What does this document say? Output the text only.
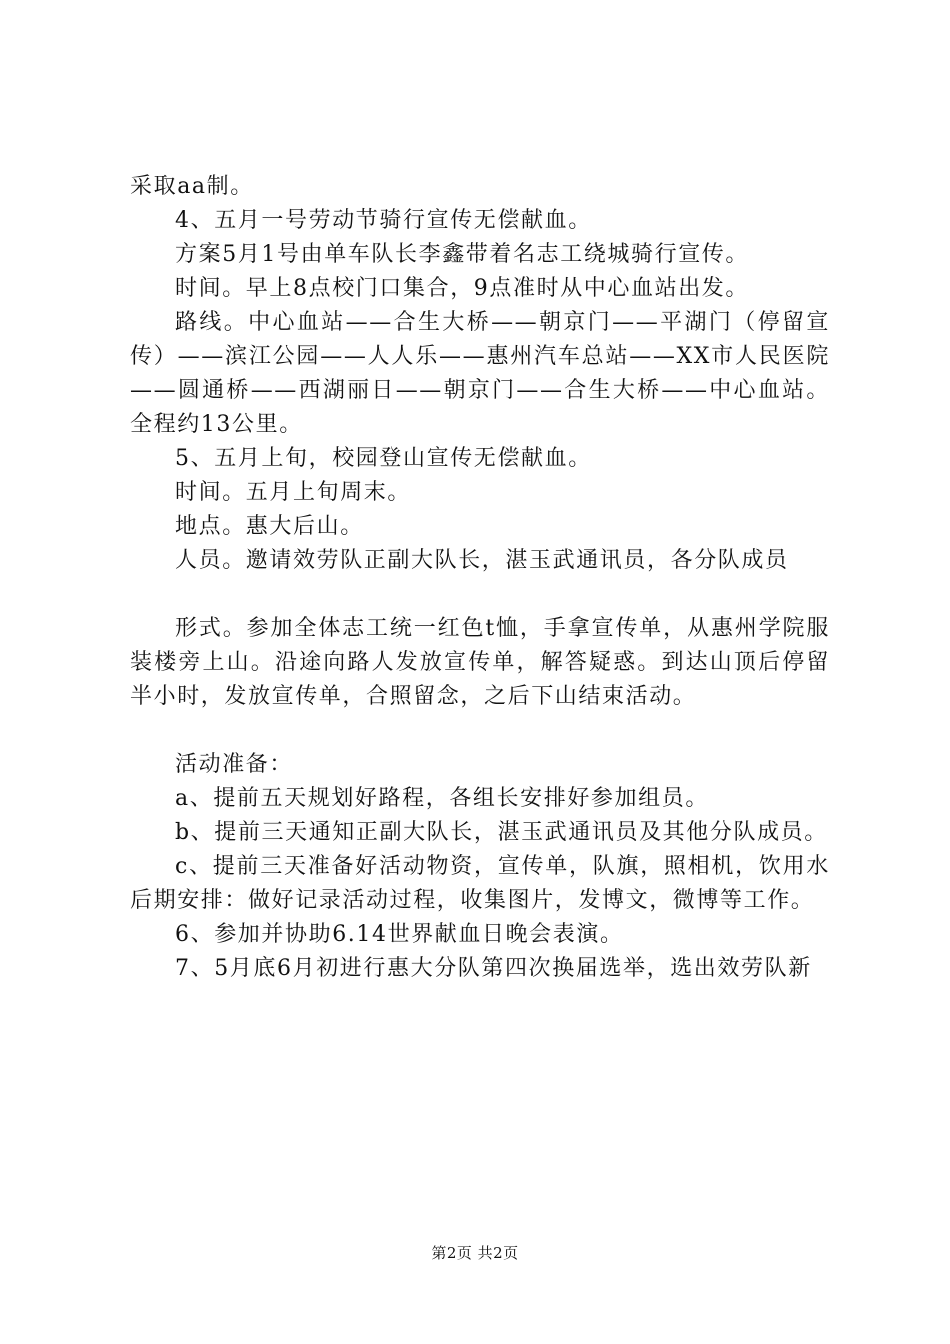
采取aa制。

4、五月一号劳动节骑行宣传无偿献血。

方案5月1号由单车队长李鑫带着名志工绕城骑行宣传。

时间。早上8点校门口集合，9点准时从中心血站出发。

路线。中心血站——合生大桥——朝京门——平湖门（停留宣传）——滨江公园——人人乐——惠州汽车总站——XX市人民医院——圆通桥——西湖丽日——朝京门——合生大桥——中心血站。全程约13公里。

5、五月上旬，校园登山宣传无偿献血。

时间。五月上旬周末。

地点。惠大后山。

人员。邀请效劳队正副大队长，湛玉武通讯员，各分队成员

形式。参加全体志工统一红色t恤，手拿宣传单，从惠州学院服装楼旁上山。沿途向路人发放宣传单，解答疑惑。到达山顶后停留半小时，发放宣传单，合照留念，之后下山结束活动。

活动准备：

a、提前五天规划好路程，各组长安排好参加组员。

b、提前三天通知正副大队长，湛玉武通讯员及其他分队成员。

c、提前三天准备好活动物资，宣传单，队旗，照相机，饮用水后期安排：做好记录活动过程，收集图片，发博文，微博等工作。

6、参加并协助6.14世界献血日晚会表演。

7、5月底6月初进行惠大分队第四次换届选举，选出效劳队新

第2页 共2页
